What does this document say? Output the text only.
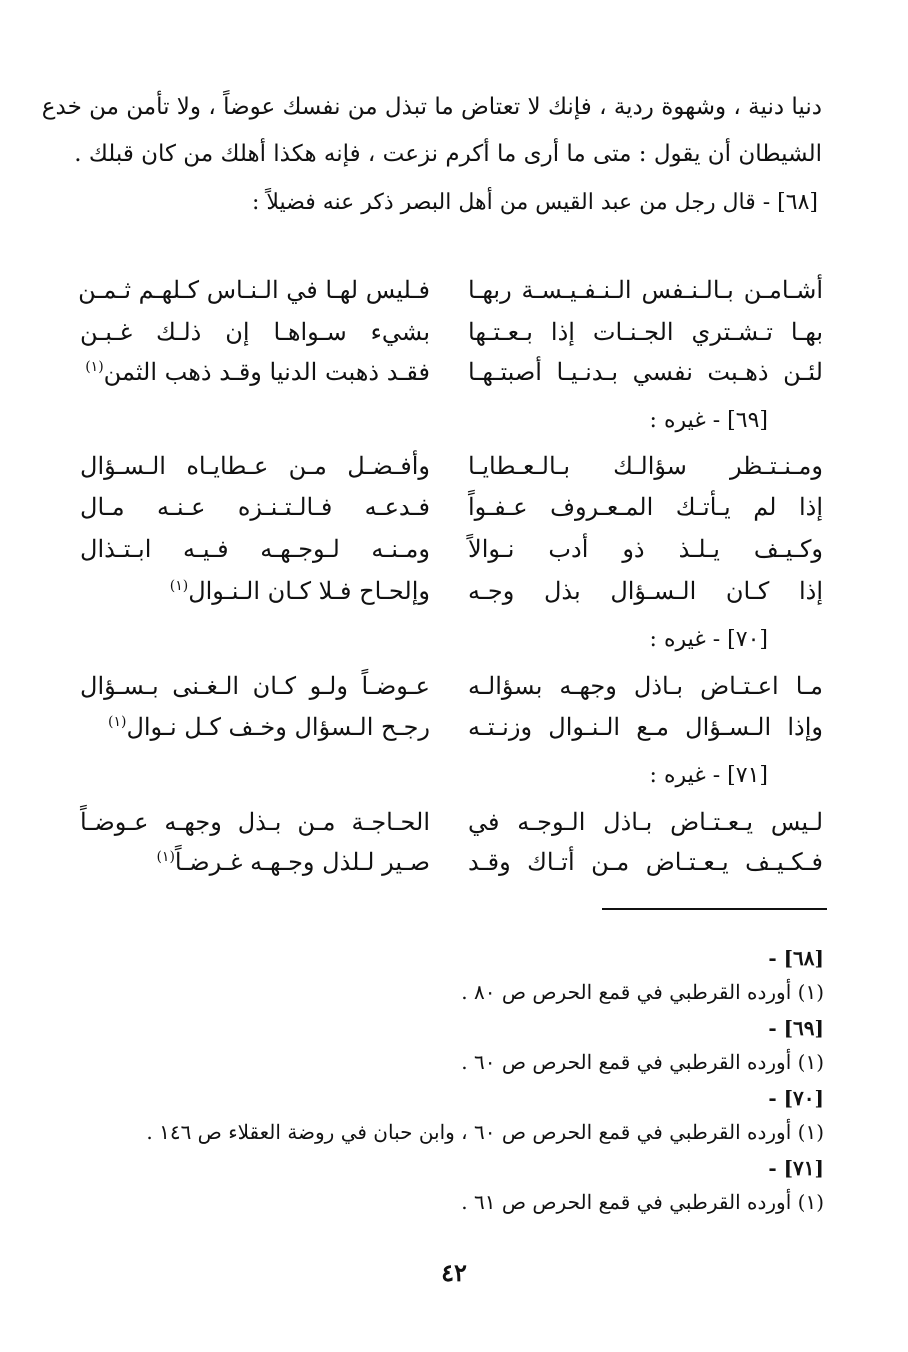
دنيا دنية ، وشهوة ردية ، فإنك لا تعتاض ما تبذل من نفسك عوضاً ، ولا تأمن من خدع
الشيطان أن يقول : متى ما أرى ما أكرم نزعت ، فإنه هكذا أهلك من كان قبلك .
[٦٨] - قال رجل من عبد القيس من أهل البصر ذكر عنه فضيلاً :
أشـامـن بـالـنـفس الـنـفـيـسـة ربهـا
فـليس لهـا في الـنـاس كـلهـم ثـمـن
بهـا تـشـتري الجـنـات إذا بـعـتـها
بشيء سـواهـا إن ذلـك غـبـن
لئـن ذهـبت نفسي بـدنـيـا أصبتـهـا
فقـد ذهبت الدنيا وقـد ذهب الثمن$^{(١)}$
[٦٩] - غيره :
ومـنـتـظر سؤالـك بـالـعـطايـا
وأفـضـل مـن عـطايـاه الـسـؤال
إذا لم يـأتـك المـعـروف عـفـواً
فـدعـه فـالـتـنـزه عـنـه مـال
وكـيـف يـلـذ ذو أدب نـوالاً
ومـنـه لـوجـهـه فـيـه ابـتـذال
إذا كـان الـسـؤال بذل وجـه
وإلحـاح فـلا كـان الـنـوال$^{(١)}$
[٧٠] - غيره :
مـا اعـتـاض بـاذل وجهـه بسؤالـه
عـوضـاً ولـو كـان الـغـنى بـسـؤال
وإذا الـسـؤال مـع الـنـوال وزنـتـه
رجـح الـسؤال وخـف كـل نـوال$^{(١)}$
[٧١] - غيره :
لـيس يـعـتـاض بـاذل الـوجـه في
الحـاجـة مـن بـذل وجهـه عـوضـاً
فـكـيـف يـعـتـاض مـن أتـاك وقـد
صـير لـلذل وجـهـه غـرضـاً$^{(١)}$
[٦٨] -
(١) أورده القرطبي في قمع الحرص ص ٨٠ .
[٦٩] -
(١) أورده القرطبي في قمع الحرص ص ٦٠ .
[٧٠] -
(١) أورده القرطبي في قمع الحرص ص ٦٠ ، وابن حبان في روضة العقلاء ص ١٤٦ .
[٧١] -
(١) أورده القرطبي في قمع الحرص ص ٦١ .
٤٢
